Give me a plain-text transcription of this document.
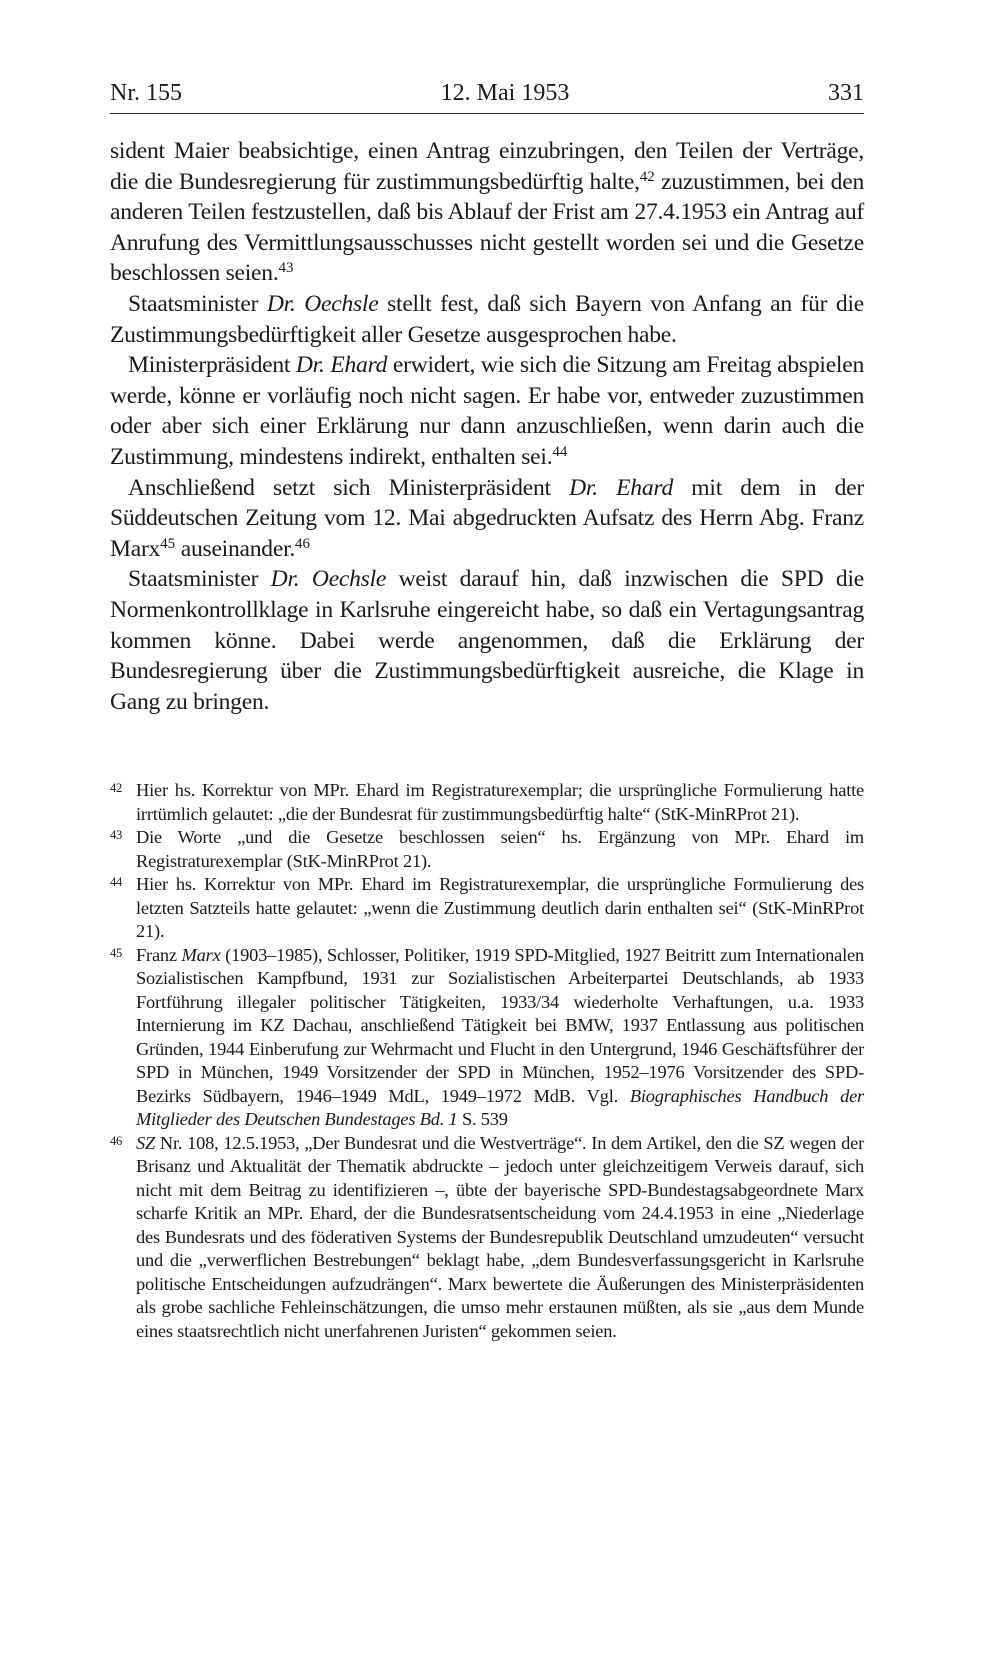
Nr. 155	12. Mai 1953	331

sident Maier beabsichtige, einen Antrag einzubringen, den Teilen der Verträge, die die Bundesregierung für zustimmungsbedürftig halte,$^{42}$ zuzustimmen, bei den anderen Teilen festzustellen, daß bis Ablauf der Frist am 27.4.1953 ein Antrag auf Anrufung des Vermittlungsausschusses nicht gestellt worden sei und die Gesetze beschlossen seien.$^{43}$

Staatsminister Dr. Oechsle stellt fest, daß sich Bayern von Anfang an für die Zustimmungsbedürftigkeit aller Gesetze ausgesprochen habe.

Ministerpräsident Dr. Ehard erwidert, wie sich die Sitzung am Freitag abspielen werde, könne er vorläufig noch nicht sagen. Er habe vor, entweder zuzustimmen oder aber sich einer Erklärung nur dann anzuschließen, wenn darin auch die Zustimmung, mindestens indirekt, enthalten sei.$^{44}$

Anschließend setzt sich Ministerpräsident Dr. Ehard mit dem in der Süddeutschen Zeitung vom 12. Mai abgedruckten Aufsatz des Herrn Abg. Franz Marx$^{45}$ auseinander.$^{46}$

Staatsminister Dr. Oechsle weist darauf hin, daß inzwischen die SPD die Normenkontrollklage in Karlsruhe eingereicht habe, so daß ein Vertagungsantrag kommen könne. Dabei werde angenommen, daß die Erklärung der Bundesregierung über die Zustimmungsbedürftigkeit ausreiche, die Klage in Gang zu bringen.

42 Hier hs. Korrektur von MPr. Ehard im Registraturexemplar; die ursprüngliche Formulierung hatte irrtümlich gelautet: „die der Bundesrat für zustimmungsbedürftig halte“ (StK-MinRProt 21).

43 Die Worte „und die Gesetze beschlossen seien“ hs. Ergänzung von MPr. Ehard im Registraturexemplar (StK-MinRProt 21).

44 Hier hs. Korrektur von MPr. Ehard im Registraturexemplar, die ursprüngliche Formulierung des letzten Satzteils hatte gelautet: „wenn die Zustimmung deutlich darin enthalten sei“ (StK-MinRProt 21).

45 Franz Marx (1903–1985), Schlosser, Politiker, 1919 SPD-Mitglied, 1927 Beitritt zum Internationalen Sozialistischen Kampfbund, 1931 zur Sozialistischen Arbeiterpartei Deutschlands, ab 1933 Fortführung illegaler politischer Tätigkeiten, 1933/34 wiederholte Verhaftungen, u.a. 1933 Internierung im KZ Dachau, anschließend Tätigkeit bei BMW, 1937 Entlassung aus politischen Gründen, 1944 Einberufung zur Wehrmacht und Flucht in den Untergrund, 1946 Geschäftsführer der SPD in München, 1949 Vorsitzender der SPD in München, 1952–1976 Vorsitzender des SPD-Bezirks Südbayern, 1946–1949 MdL, 1949–1972 MdB. Vgl. Biographisches Handbuch der Mitglieder des Deutschen Bundestages Bd. 1 S. 539

46 SZ Nr. 108, 12.5.1953, „Der Bundesrat und die Westverträge“. In dem Artikel, den die SZ wegen der Brisanz und Aktualität der Thematik abdruckte – jedoch unter gleichzeitigem Verweis darauf, sich nicht mit dem Beitrag zu identifizieren –, übte der bayerische SPD-Bundestagsabgeordnete Marx scharfe Kritik an MPr. Ehard, der die Bundesratsentscheidung vom 24.4.1953 in eine „Niederlage des Bundesrats und des föderativen Systems der Bundesrepublik Deutschland umzudeuten“ versucht und die „verwerflichen Bestrebungen“ beklagt habe, „dem Bundesverfassungsgericht in Karlsruhe politische Entscheidungen aufzudrängen“. Marx bewertete die Äußerungen des Ministerpräsidenten als grobe sachliche Fehleinschätzungen, die umso mehr erstaunen müßten, als sie „aus dem Munde eines staatsrechtlich nicht unerfahrenen Juristen“ gekommen seien.
